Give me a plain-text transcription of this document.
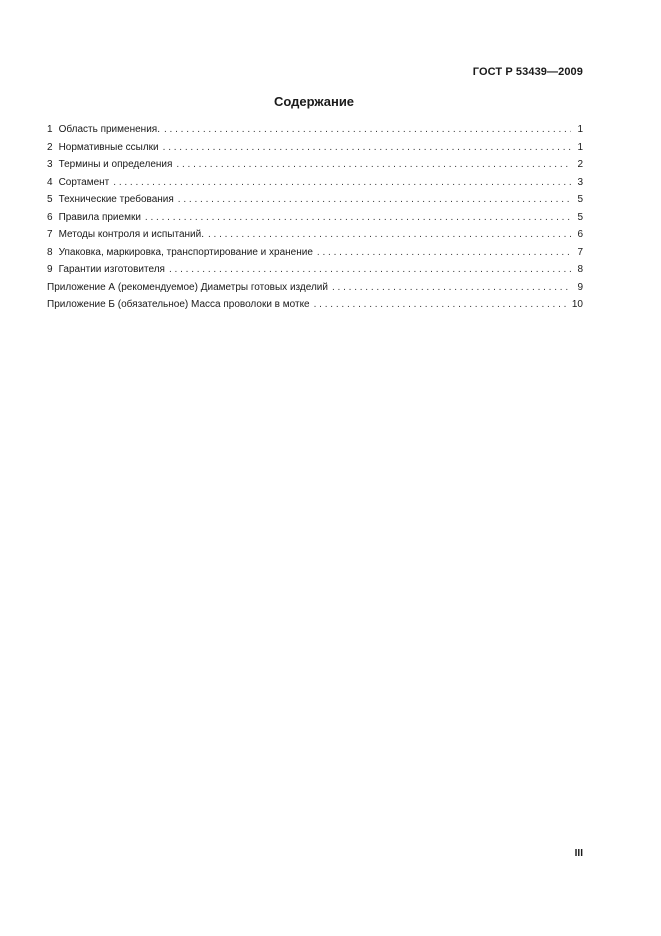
ГОСТ Р 53439—2009
Содержание
1 Область применения. . . .	1
2 Нормативные ссылки . . .	1
3 Термины и определения . . .	2
4 Сортамент . . .	3
5 Технические требования . . .	5
6 Правила приемки . . .	5
7 Методы контроля и испытаний. . . .	6
8 Упаковка, маркировка, транспортирование и хранение . . .	7
9 Гарантии изготовителя . . .	8
Приложение А (рекомендуемое) Диаметры готовых изделий . . .	9
Приложение Б (обязательное) Масса проволоки в мотке . . .	10
III
